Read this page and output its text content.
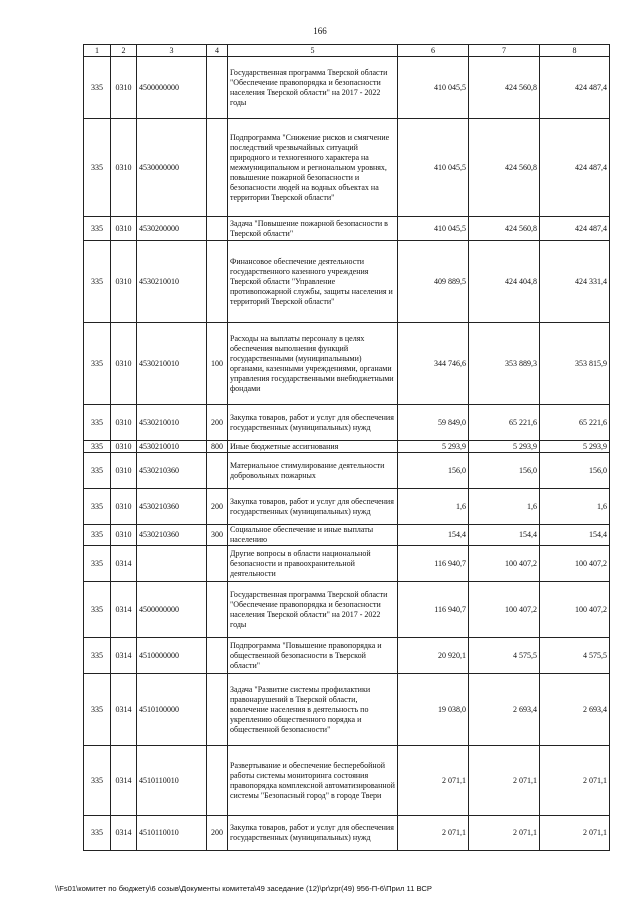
166
1	2	3	4	5	6	7	8
335	0310	4500000000		Государственная программа Тверской области "Обеспечение правопорядка и безопасности населения Тверской области" на 2017 - 2022 годы	410 045,5	424 560,8	424 487,4
335	0310	4530000000		Подпрограмма "Снижение рисков и смягчение последствий чрезвычайных ситуаций природного и техногенного характера на межмуниципальном и региональном уровнях, повышение пожарной безопасности и безопасности людей на водных объектах на территории Тверской области"	410 045,5	424 560,8	424 487,4
335	0310	4530200000		Задача "Повышение пожарной безопасности в Тверской области"	410 045,5	424 560,8	424 487,4
335	0310	4530210010		Финансовое обеспечение деятельности государственного казенного учреждения Тверской области "Управление противопожарной службы, защиты населения и территорий Тверской области"	409 889,5	424 404,8	424 331,4
335	0310	4530210010	100	Расходы на выплаты персоналу в целях обеспечения выполнения функций государственными (муниципальными) органами, казенными учреждениями, органами управления государственными внебюджетными фондами	344 746,6	353 889,3	353 815,9
335	0310	4530210010	200	Закупка товаров, работ и услуг для обеспечения государственных (муниципальных) нужд	59 849,0	65 221,6	65 221,6
335	0310	4530210010	800	Иные бюджетные ассигнования	5 293,9	5 293,9	5 293,9
335	0310	4530210360		Материальное стимулирование деятельности добровольных пожарных	156,0	156,0	156,0
335	0310	4530210360	200	Закупка товаров, работ и услуг для обеспечения государственных (муниципальных) нужд	1,6	1,6	1,6
335	0310	4530210360	300	Социальное обеспечение и иные выплаты населению	154,4	154,4	154,4
335	0314			Другие вопросы в области национальной безопасности и правоохранительной деятельности	116 940,7	100 407,2	100 407,2
335	0314	4500000000		Государственная программа Тверской области "Обеспечение правопорядка и безопасности населения Тверской области" на 2017 - 2022 годы	116 940,7	100 407,2	100 407,2
335	0314	4510000000		Подпрограмма "Повышение правопорядка и общественной безопасности в Тверской области"	20 920,1	4 575,5	4 575,5
335	0314	4510100000		Задача "Развитие системы профилактики правонарушений в Тверской области, вовлечение населения в деятельность по укреплению общественного порядка и общественной безопасности"	19 038,0	2 693,4	2 693,4
335	0314	4510110010		Развертывание и обеспечение бесперебойной работы системы мониторинга состояния правопорядка комплексной автоматизированной системы "Безопасный город" в городе Твери	2 071,1	2 071,1	2 071,1
335	0314	4510110010	200	Закупка товаров, работ и услуг для обеспечения государственных (муниципальных) нужд	2 071,1	2 071,1	2 071,1
\\Fs01\комитет по бюджету\6 созыв\Документы комитета\49 заседание (12)\pr\zpr(49) 956-П-6\Прил 11 ВСР
